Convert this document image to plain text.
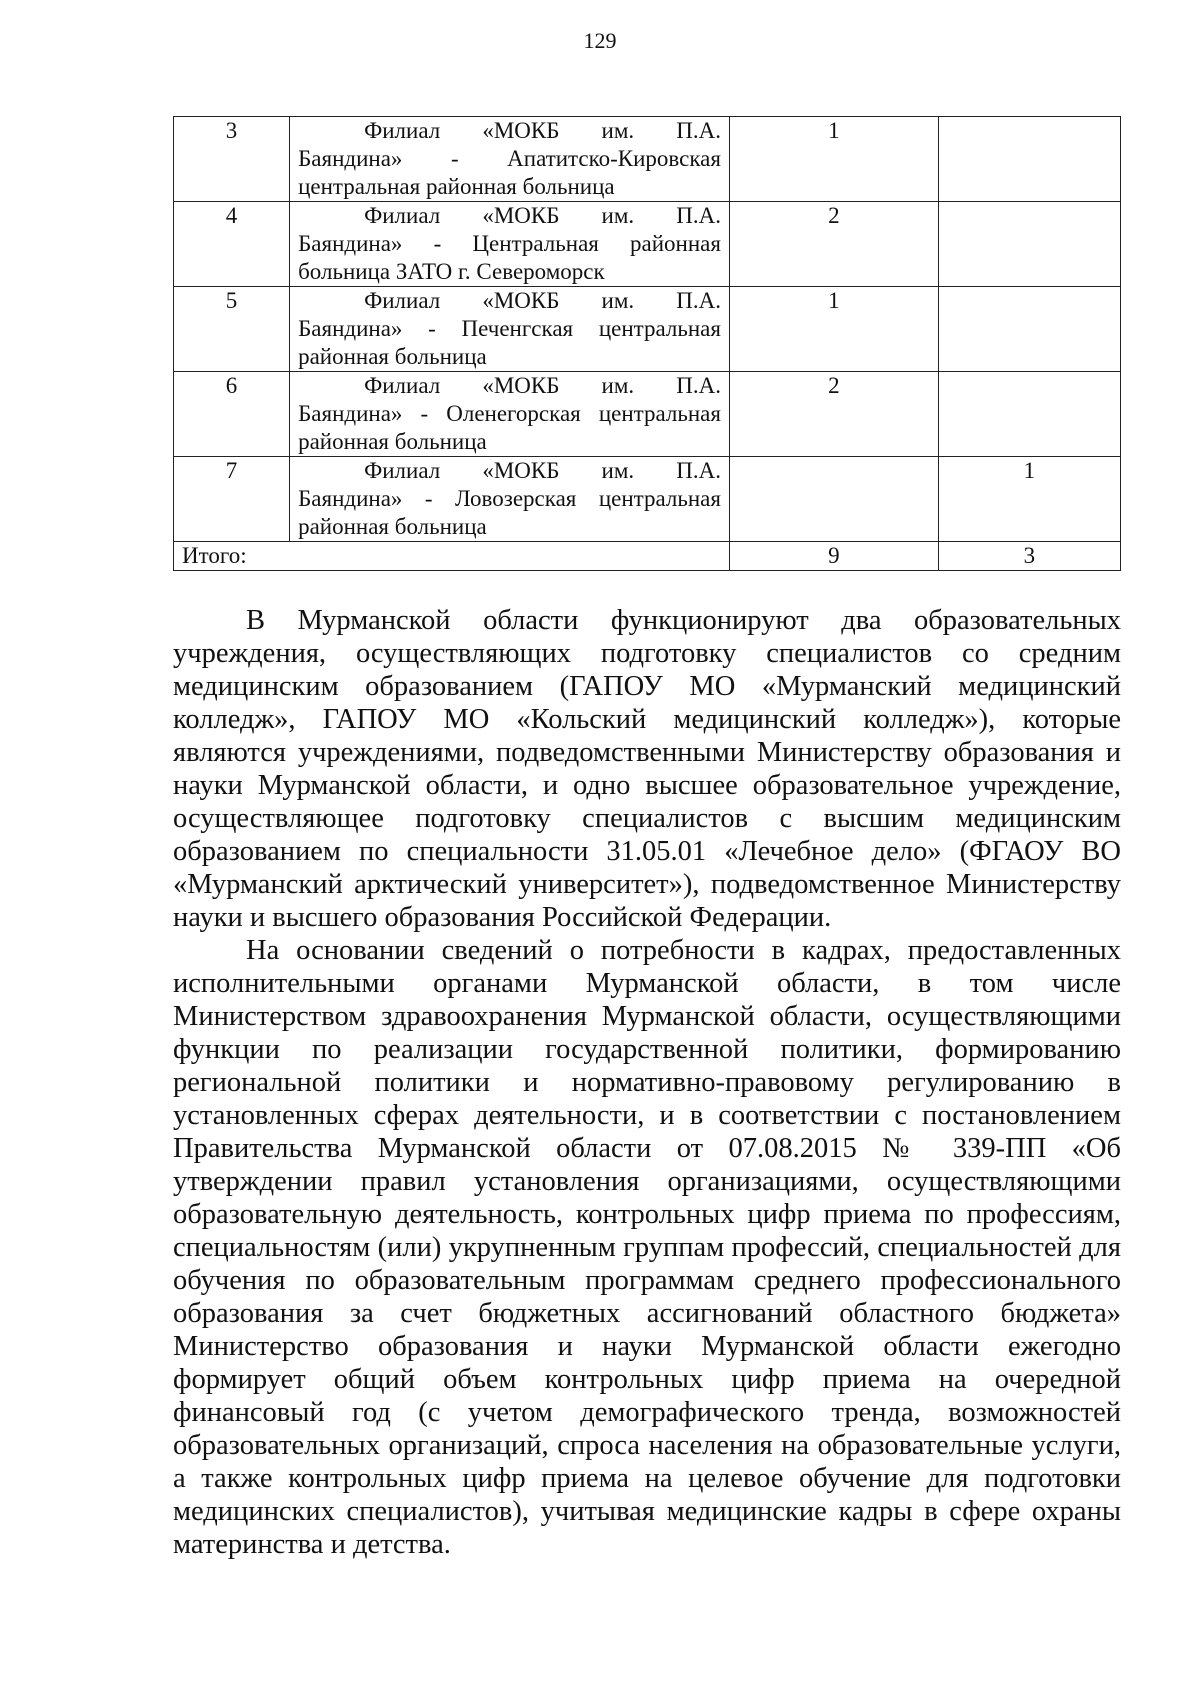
129
3	Филиал «МОКБ им. П.А. Баяндина» - Апатитско-Кировская центральная районная больница	1	
4	Филиал «МОКБ им. П.А. Баяндина» - Центральная районная больница ЗАТО г. Североморск	2	
5	Филиал «МОКБ им. П.А. Баяндина» - Печенгская центральная районная больница	1	
6	Филиал «МОКБ им. П.А. Баяндина» - Оленегорская центральная районная больница	2	
7	Филиал «МОКБ им. П.А. Баяндина» - Ловозерская центральная районная больница		1
Итого:		9	3

В Мурманской области функционируют два образовательных учреждения, осуществляющих подготовку специалистов со средним медицинским образованием (ГАПОУ МО «Мурманский медицинский колледж», ГАПОУ МО «Кольский медицинский колледж»), которые являются учреждениями, подведомственными Министерству образования и науки Мурманской области, и одно высшее образовательное учреждение, осуществляющее подготовку специалистов с высшим медицинским образованием по специальности 31.05.01 «Лечебное дело» (ФГАОУ ВО «Мурманский арктический университет»), подведомственное Министерству науки и высшего образования Российской Федерации.

На основании сведений о потребности в кадрах, предоставленных исполнительными органами Мурманской области, в том числе Министерством здравоохранения Мурманской области, осуществляющими функции по реализации государственной политики, формированию региональной политики и нормативно-правовому регулированию в установленных сферах деятельности, и в соответствии с постановлением Правительства Мурманской области от 07.08.2015 № 339-ПП «Об утверждении правил установления организациями, осуществляющими образовательную деятельность, контрольных цифр приема по профессиям, специальностям (или) укрупненным группам профессий, специальностей для обучения по образовательным программам среднего профессионального образования за счет бюджетных ассигнований областного бюджета» Министерство образования и науки Мурманской области ежегодно формирует общий объем контрольных цифр приема на очередной финансовый год (с учетом демографического тренда, возможностей образовательных организаций, спроса населения на образовательные услуги, а также контрольных цифр приема на целевое обучение для подготовки медицинских специалистов), учитывая медицинские кадры в сфере охраны материнства и детства.
